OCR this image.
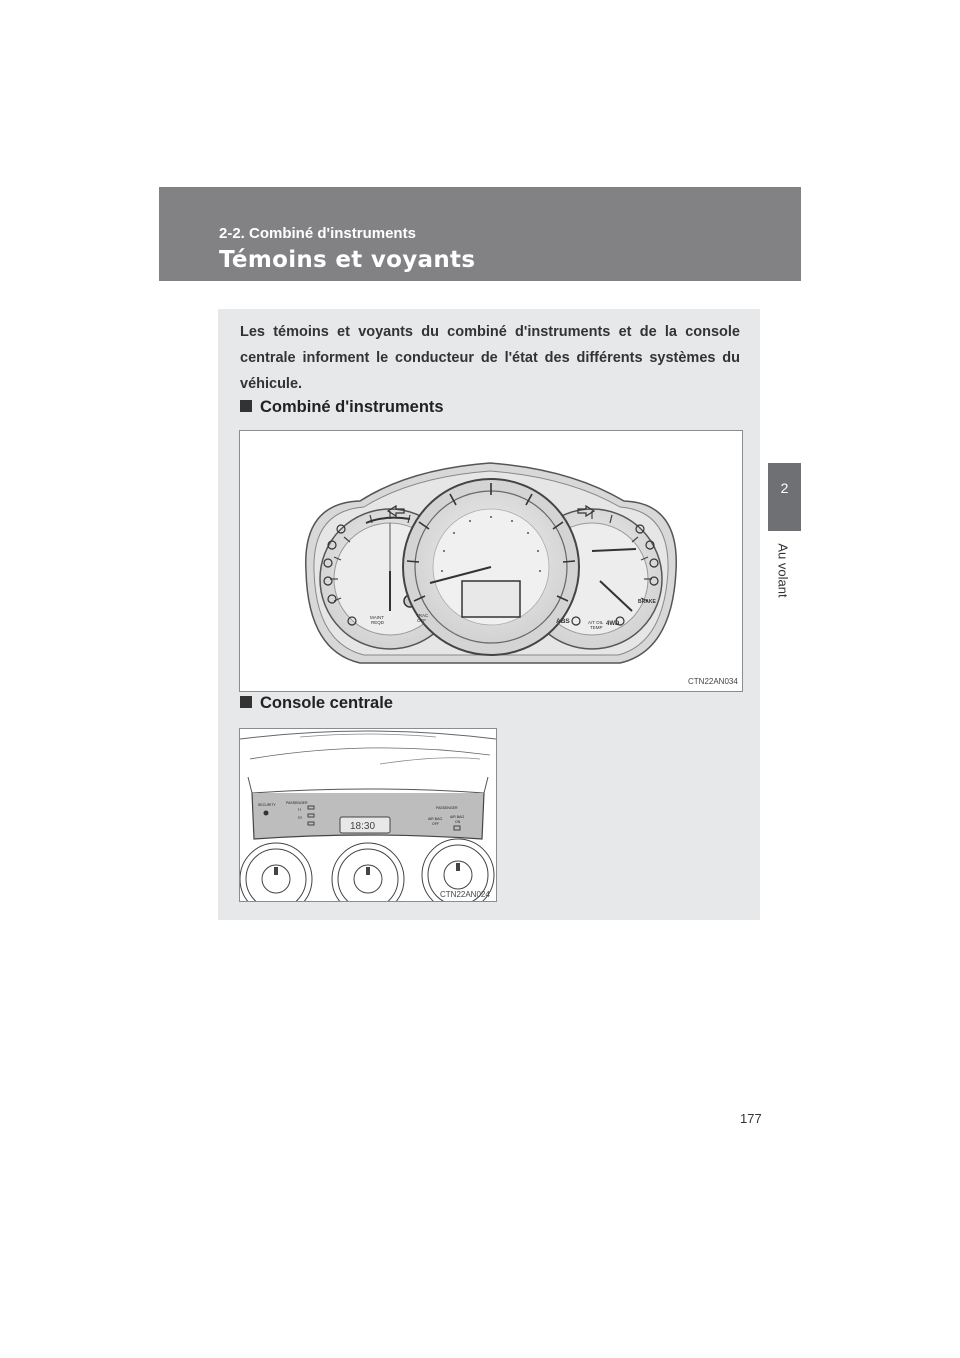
2-2. Combiné d'instruments
Témoins et voyants
2
Au volant
Les témoins et voyants du combiné d'instruments et de la console centrale informent le conducteur de l'état des différents systèmes du véhicule.
Combiné d'instruments
ABS	4WD
BRAKE
A/T OIL
TEMP
MAINT
REQD
TRAC
OFF
CTN22AN034
Console centrale
18:30
SECURITY	PASSENGER
PASSENGER
AIR BAG
OFF
AIR BAG
ON
H
M
CTN22AN024
177
